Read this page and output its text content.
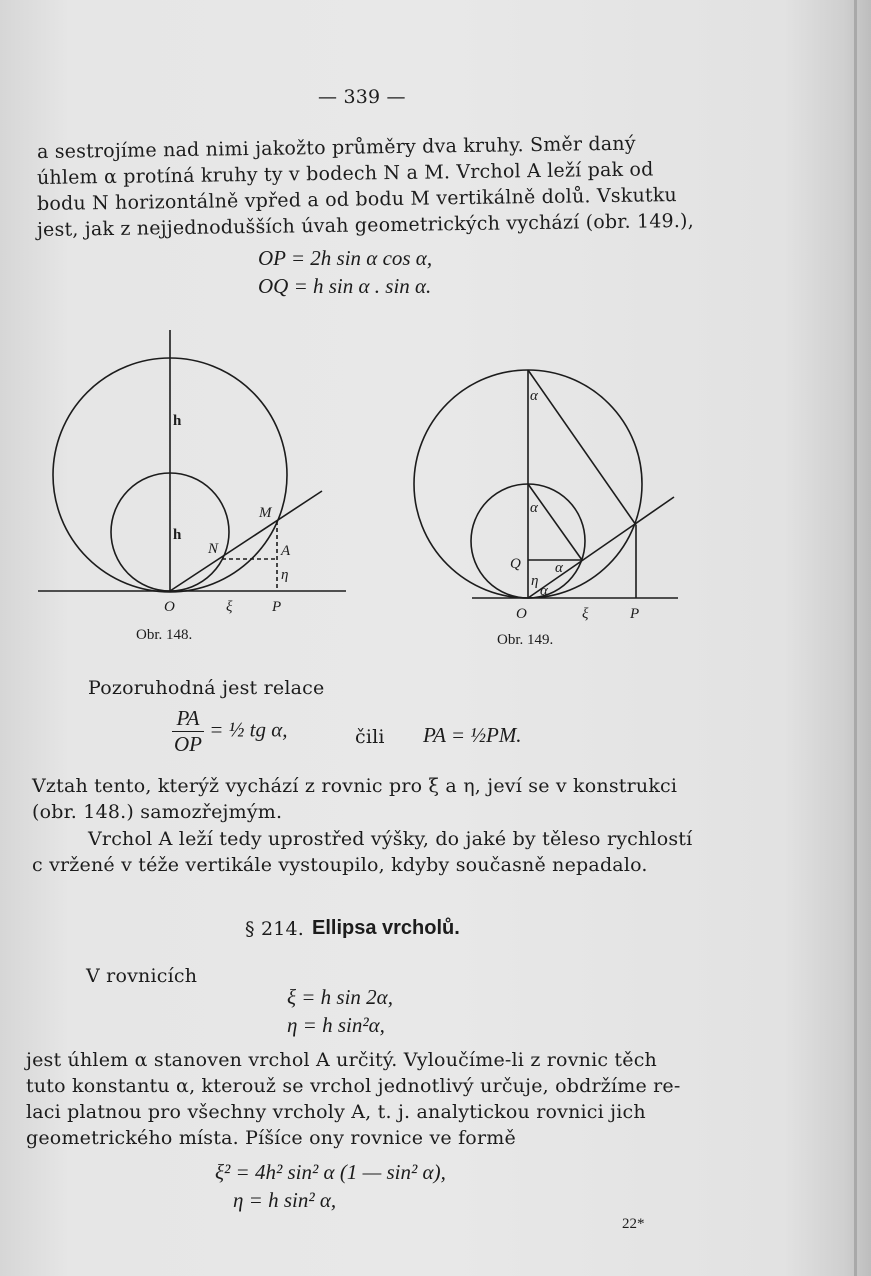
— 339 —
a sestrojíme nad nimi jakožto průměry dva kruhy. Směr daný
úhlem α protíná kruhy ty v bodech N a M. Vrchol A leží pak od
bodu N horizontálně vpřed a od bodu M vertikálně dolů. Vskutku
jest, jak z nejjednodušších úvah geometrických vychází (obr. 149.),
OP = 2h sin α cos α,
OQ = h sin α . sin α.
h
h
M
N	A
η
O	ξ	P
Obr. 148.
α
α
α
α
Q
η
O	ξ	P
Obr. 149.
Pozoruhodná jest relace
$\frac{PA}{OP}$ = ½ tg α,	čili PA = ½PM.
Vztah tento, kterýž vychází z rovnic pro ξ a η, jeví se v konstrukci
(obr. 148.) samozřejmým.
Vrchol A leží tedy uprostřed výšky, do jaké by těleso rychlostí
c vržené v téže vertikále vystoupilo, kdyby současně nepadalo.
§ 214. Ellipsa vrcholů.
V rovnicích
ξ = h sin 2α,
η = h sin²α,
jest úhlem α stanoven vrchol A určitý. Vyloučíme-li z rovnic těch
tuto konstantu α, kterouž se vrchol jednotlivý určuje, obdržíme re-
laci platnou pro všechny vrcholy A, t. j. analytickou rovnici jich
geometrického místa. Píšíce ony rovnice ve formě
ξ² = 4h² sin² α (1 — sin² α),
η = h sin² α,
22*
